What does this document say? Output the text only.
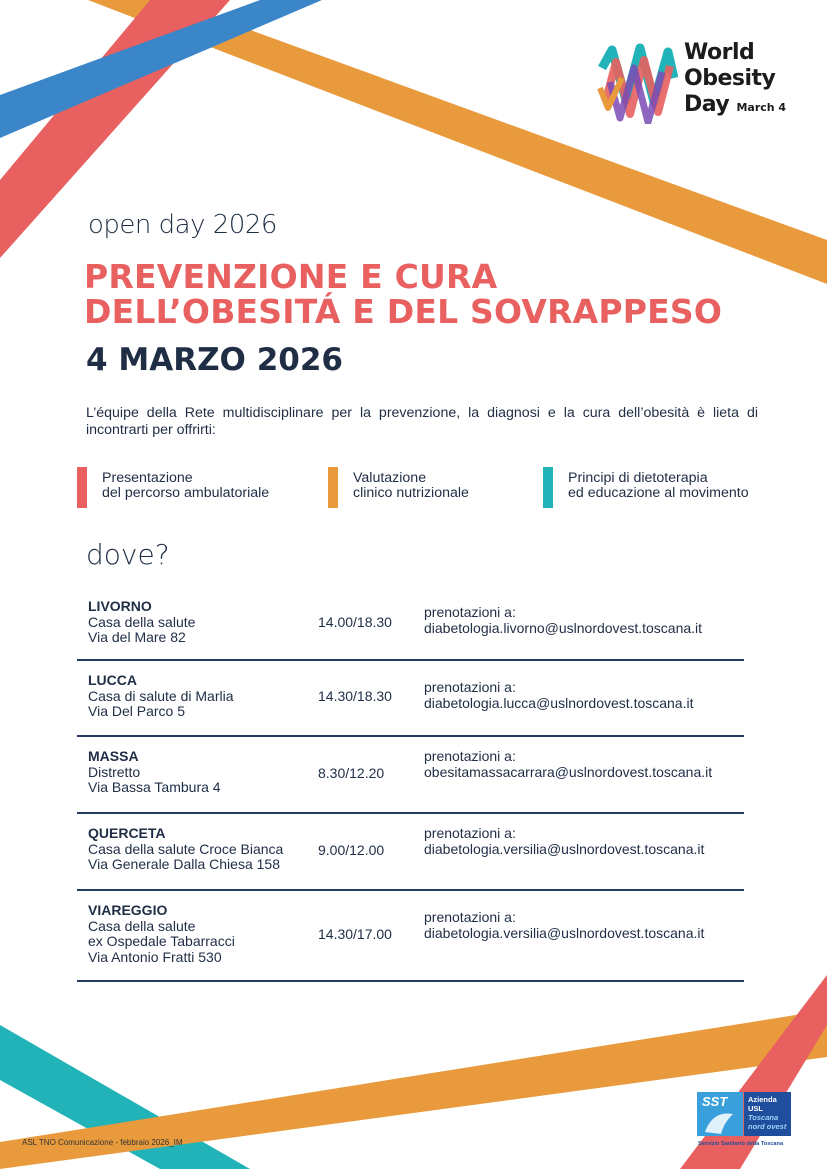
World
Obesity
Day March 4
open day 2026
PREVENZIONE E CURA
DELL’OBESITÁ E DEL SOVRAPPESO
4 MARZO 2026
L’équipe della Rete multidisciplinare per la prevenzione, la diagnosi e la cura dell’obesità è lieta di incontrarti per offrirti:
Presentazione
del percorso ambulatoriale
Valutazione
clinico nutrizionale
Principi di dietoterapia
ed educazione al movimento
dove?
LIVORNO
Casa della salute
Via del Mare 82
14.00/18.30
prenotazioni a:
diabetologia.livorno@uslnordovest.toscana.it
LUCCA
Casa di salute di Marlia
Via Del Parco 5
14.30/18.30
prenotazioni a:
diabetologia.lucca@uslnordovest.toscana.it
MASSA
Distretto
Via Bassa Tambura 4
8.30/12.20
prenotazioni a:
obesitamassacarrara@uslnordovest.toscana.it
QUERCETA
Casa della salute Croce Bianca
Via Generale Dalla Chiesa 158
9.00/12.00
prenotazioni a:
diabetologia.versilia@uslnordovest.toscana.it
VIAREGGIO
Casa della salute
ex Ospedale Tabarracci
Via Antonio Fratti 530
14.30/17.00
prenotazioni a:
diabetologia.versilia@uslnordovest.toscana.it
ASL TNO Comunicazione - febbraio 2026_IM
SST	Azienda
USL
Toscana
nord ovest
Servizio Sanitario della Toscana
